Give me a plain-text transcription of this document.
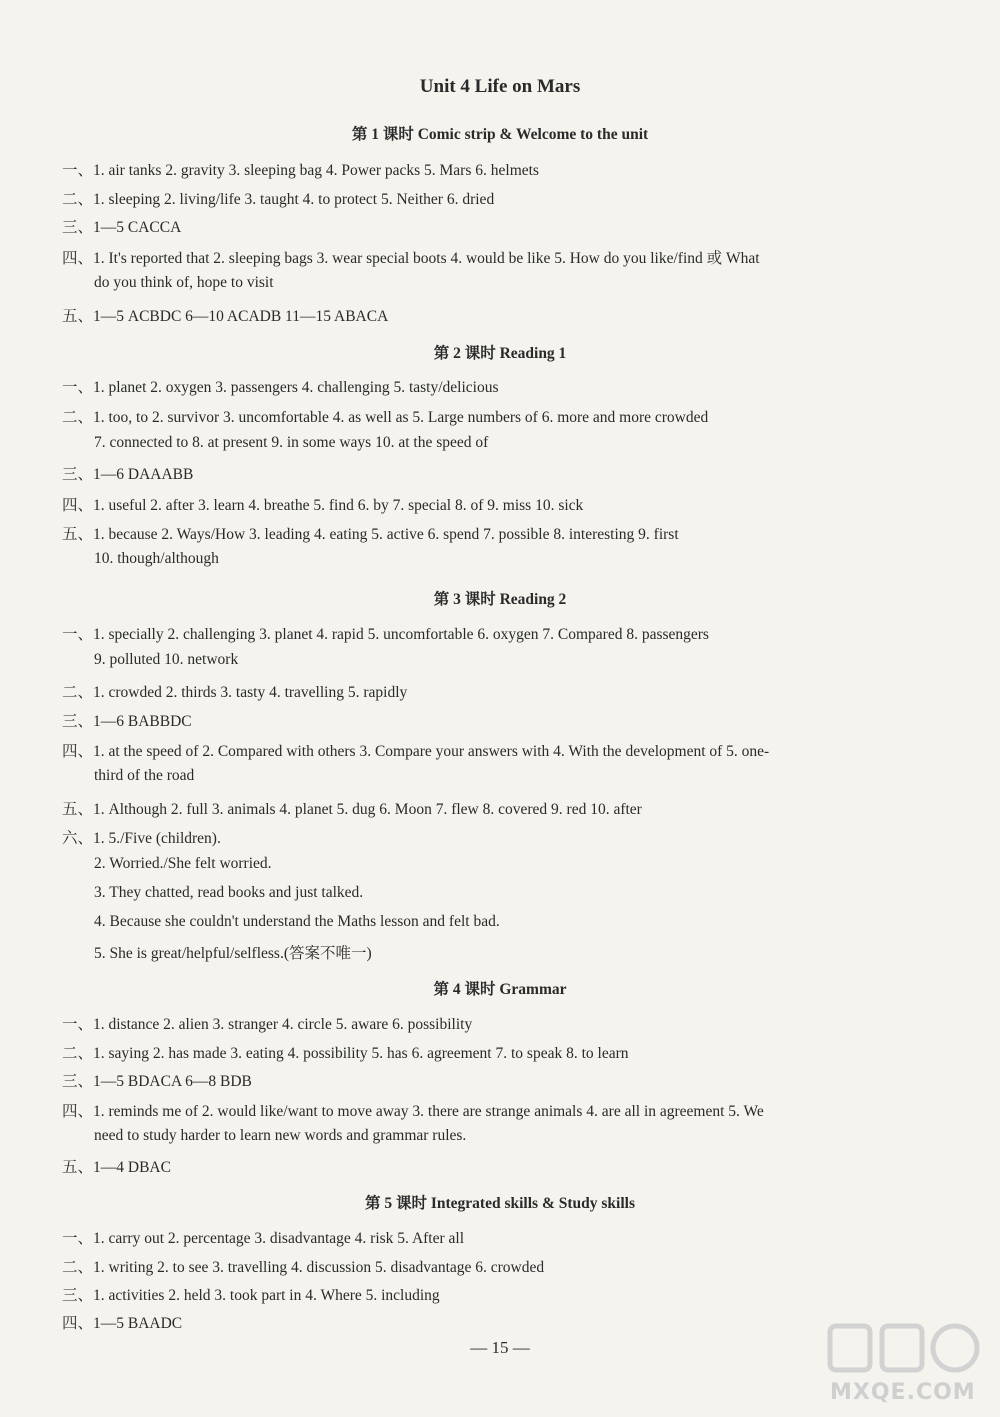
Unit 4 Life on Mars
第 1 课时 Comic strip & Welcome to the unit
一、1. air tanks 2. gravity 3. sleeping bag 4. Power packs 5. Mars 6. helmets
二、1. sleeping 2. living/life 3. taught 4. to protect 5. Neither 6. dried
三、1—5 CACCA
四、1. It's reported that 2. sleeping bags 3. wear special boots 4. would be like 5. How do you like/find 或 What
do you think of, hope to visit
五、1—5 ACBDC 6—10 ACADB 11—15 ABACA
第 2 课时 Reading 1
一、1. planet 2. oxygen 3. passengers 4. challenging 5. tasty/delicious
二、1. too, to 2. survivor 3. uncomfortable 4. as well as 5. Large numbers of 6. more and more crowded
7. connected to 8. at present 9. in some ways 10. at the speed of
三、1—6 DAAABB
四、1. useful 2. after 3. learn 4. breathe 5. find 6. by 7. special 8. of 9. miss 10. sick
五、1. because 2. Ways/How 3. leading 4. eating 5. active 6. spend 7. possible 8. interesting 9. first
10. though/although
第 3 课时 Reading 2
一、1. specially 2. challenging 3. planet 4. rapid 5. uncomfortable 6. oxygen 7. Compared 8. passengers
9. polluted 10. network
二、1. crowded 2. thirds 3. tasty 4. travelling 5. rapidly
三、1—6 BABBDC
四、1. at the speed of 2. Compared with others 3. Compare your answers with 4. With the development of 5. one-
third of the road
五、1. Although 2. full 3. animals 4. planet 5. dug 6. Moon 7. flew 8. covered 9. red 10. after
六、1. 5./Five (children).
2. Worried./She felt worried.
3. They chatted, read books and just talked.
4. Because she couldn't understand the Maths lesson and felt bad.
5. She is great/helpful/selfless.(答案不唯一)
第 4 课时 Grammar
一、1. distance 2. alien 3. stranger 4. circle 5. aware 6. possibility
二、1. saying 2. has made 3. eating 4. possibility 5. has 6. agreement 7. to speak 8. to learn
三、1—5 BDACA 6—8 BDB
四、1. reminds me of 2. would like/want to move away 3. there are strange animals 4. are all in agreement 5. We
need to study harder to learn new words and grammar rules.
五、1—4 DBAC
第 5 课时 Integrated skills & Study skills
一、1. carry out 2. percentage 3. disadvantage 4. risk 5. After all
二、1. writing 2. to see 3. travelling 4. discussion 5. disadvantage 6. crowded
三、1. activities 2. held 3. took part in 4. Where 5. including
四、1—5 BAADC
— 15 —
MXQE.COM
